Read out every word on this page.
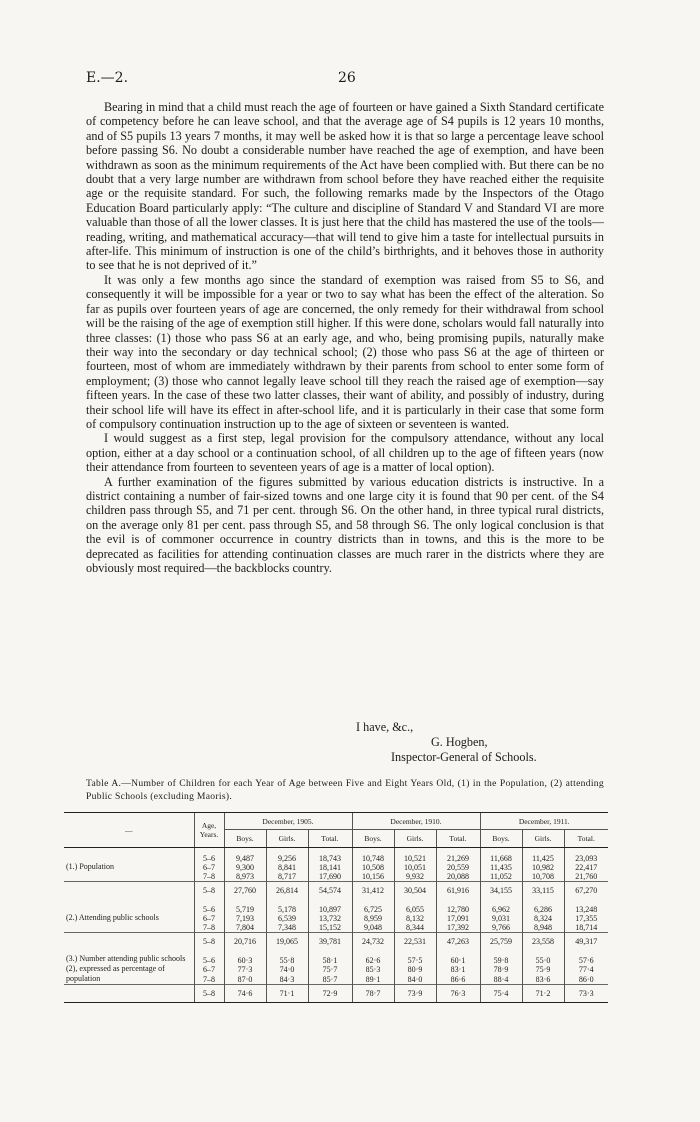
E.—2.	26

Bearing in mind that a child must reach the age of fourteen or have gained a Sixth Standard certificate of competency before he can leave school, and that the average age of S4 pupils is 12 years 10 months, and of S5 pupils 13 years 7 months, it may well be asked how it is that so large a percentage leave school before passing S6. No doubt a considerable number have reached the age of exemption, and have been withdrawn as soon as the minimum requirements of the Act have been complied with. But there can be no doubt that a very large number are withdrawn from school before they have reached either the requisite age or the requisite standard. For such, the following remarks made by the Inspectors of the Otago Education Board particularly apply: “The culture and discipline of Standard V and Standard VI are more valuable than those of all the lower classes. It is just here that the child has mastered the use of the tools—reading, writing, and mathematical accuracy—that will tend to give him a taste for intellectual pursuits in after-life. This minimum of instruction is one of the child’s birthrights, and it behoves those in authority to see that he is not deprived of it.”

It was only a few months ago since the standard of exemption was raised from S5 to S6, and consequently it will be impossible for a year or two to say what has been the effect of the alteration. So far as pupils over fourteen years of age are concerned, the only remedy for their withdrawal from school will be the raising of the age of exemption still higher. If this were done, scholars would fall naturally into three classes: (1) those who pass S6 at an early age, and who, being promising pupils, naturally make their way into the secondary or day technical school; (2) those who pass S6 at the age of thirteen or fourteen, most of whom are immediately withdrawn by their parents from school to enter some form of employment; (3) those who cannot legally leave school till they reach the raised age of exemption—say fifteen years. In the case of these two latter classes, their want of ability, and possibly of industry, during their school life will have its effect in after-school life, and it is particularly in their case that some form of compulsory continuation instruction up to the age of sixteen or seventeen is wanted.

I would suggest as a first step, legal provision for the compulsory attendance, without any local option, either at a day school or a continuation school, of all children up to the age of fifteen years (now their attendance from fourteen to seventeen years of age is a matter of local option).

A further examination of the figures submitted by various education districts is instructive. In a district containing a number of fair-sized towns and one large city it is found that 90 per cent. of the S4 children pass through S5, and 71 per cent. through S6. On the other hand, in three typical rural districts, on the average only 81 per cent. pass through S5, and 58 through S6. The only logical conclusion is that the evil is of commoner occurrence in country districts than in towns, and this is the more to be deprecated as facilities for attending continuation classes are much rarer in the districts where they are obviously most required—the backblocks country.

I have, &c.,
G. Hogben,
Inspector-General of Schools.
Table A.—Number of Children for each Year of Age between Five and Eight Years Old, (1) in the Population, (2) attending Public Schools (excluding Maoris).
—	Age, Years.	December, 1905.			December, 1910.			December, 1911.		
		Boys.	Girls.	Total.	Boys.	Girls.	Total.	Boys.	Girls.	Total.
(1.) Population	5–6	9,487	9,256	18,743	10,748	10,521	21,269	11,668	11,425	23,093
	6–7	9,300	8,841	18,141	10,508	10,051	20,559	11,435	10,982	22,417
	7–8	8,973	8,717	17,690	10,156	9,932	20,088	11,052	10,708	21,760
	5–8	27,760	26,814	54,574	31,412	30,504	61,916	34,155	33,115	67,270
(2.) Attending public schools	5–6	5,719	5,178	10,897	6,725	6,055	12,780	6,962	6,286	13,248
	6–7	7,193	6,539	13,732	8,959	8,132	17,091	9,031	8,324	17,355
	7–8	7,804	7,348	15,152	9,048	8,344	17,392	9,766	8,948	18,714
	5–8	20,716	19,065	39,781	24,732	22,531	47,263	25,759	23,558	49,317
(3.) Number attending public schools (2), expressed as percentage of population	5–6	60·3	55·8	58·1	62·6	57·5	60·1	59·8	55·0	57·6
	6–7	77·3	74·0	75·7	85·3	80·9	83·1	78·9	75·9	77·4
	7–8	87·0	84·3	85·7	89·1	84·0	86·6	88·4	83·6	86·0
	5–8	74·6	71·1	72·9	78·7	73·9	76·3	75·4	71·2	73·3
